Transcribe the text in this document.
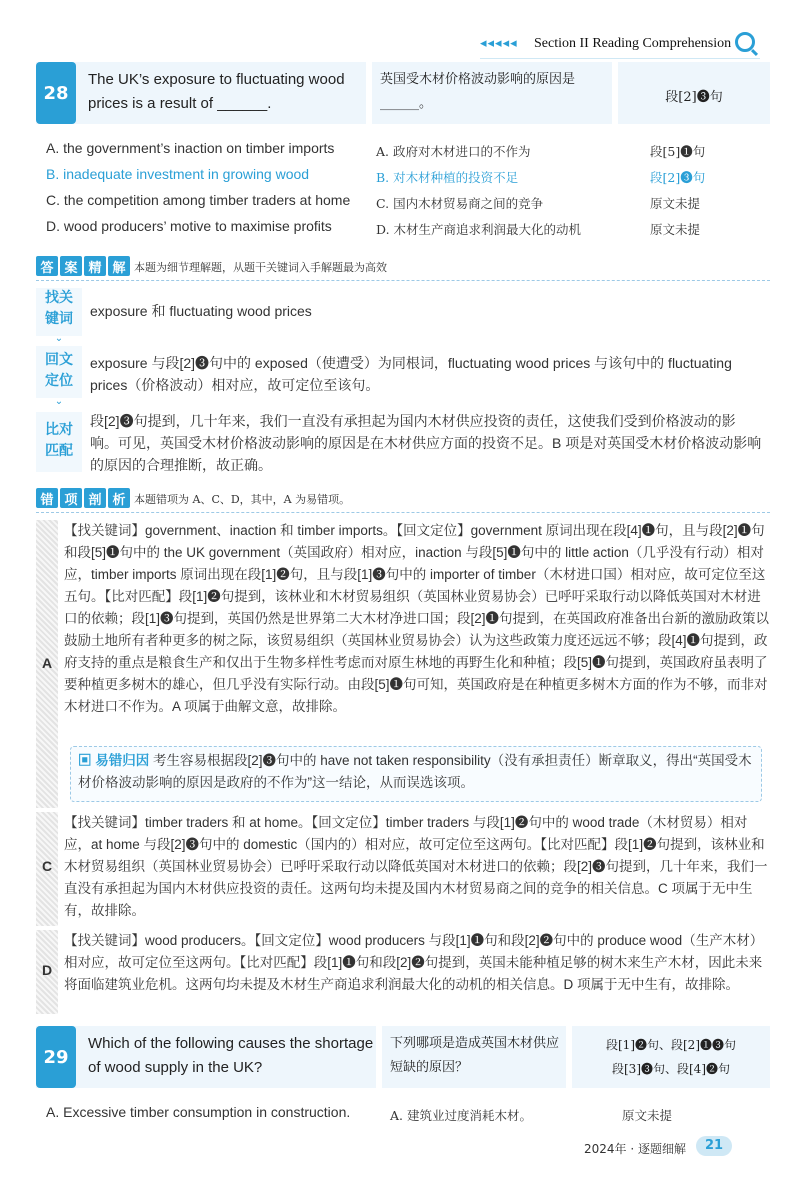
◂◂◂◂◂ Section II Reading Comprehension
28
The UK’s exposure to fluctuating wood prices is a result of ______.
英国受木材价格波动影响的原因是______。	段[2]❸句
A. the government’s inaction on timber imports	A. 政府对木材进口的不作为	段[5]❶句
B. inadequate investment in growing wood	B. 对木材种植的投资不足	段[2]❸句
C. the competition among timber traders at home C. 国内木材贸易商之间的竞争	原文未提
D. wood producers’ motive to maximise profits	D. 木材生产商追求利润最大化的动机	原文未提
答 案 精 解 本题为细节理解题，从题干关键词入手解题最为高效
找关键词
⌄
exposure 和 fluctuating wood prices
回文定位
⌄
exposure 与段[2]❸句中的 exposed（使遭受）为同根词，fluctuating wood prices 与该句中的 fluctuating prices（价格波动）相对应，故可定位至该句。
比对匹配
段[2]❸句提到，几十年来，我们一直没有承担起为国内木材供应投资的责任，这使我们受到价格波动的影响。可见，英国受木材价格波动影响的原因是在木材供应方面的投资不足。B 项是对英国受木材价格波动影响的原因的合理推断，故正确。
错 项 剖 析 本题错项为 A、C、D，其中，A 为易错项。
A
【找关键词】government、inaction 和 timber imports。【回文定位】government 原词出现在段[4]❶句，且与段[2]❶句和段[5]❶句中的 the UK government（英国政府）相对应，inaction 与段[5]❶句中的 little action（几乎没有行动）相对应，timber imports 原词出现在段[1]❷句，且与段[1]❸句中的 importer of timber（木材进口国）相对应，故可定位至这五句。【比对匹配】段[1]❷句提到，该林业和木材贸易组织（英国林业贸易协会）已呼吁采取行动以降低英国对木材进口的依赖；段[1]❸句提到，英国仍然是世界第二大木材净进口国；段[2]❶句提到，在英国政府准备出台新的激励政策以鼓励土地所有者种更多的树之际，该贸易组织（英国林业贸易协会）认为这些政策力度还远远不够；段[4]❶句提到，政府支持的重点是粮食生产和仅出于生物多样性考虑而对原生林地的再野生化和种植；段[5]❶句提到，英国政府虽表明了要种植更多树木的雄心，但几乎没有实际行动。由段[5]❶句可知，英国政府是在种植更多树木方面的作为不够，而非对木材进口不作为。A 项属于曲解文意，故排除。
▣ 易错归因 考生容易根据段[2]❸句中的 have not taken responsibility（没有承担责任）断章取义，得出“英国受木材价格波动影响的原因是政府的不作为”这一结论，从而误选该项。
C
【找关键词】timber traders 和 at home。【回文定位】timber traders 与段[1]❷句中的 wood trade（木材贸易）相对应，at home 与段[2]❸句中的 domestic（国内的）相对应，故可定位至这两句。【比对匹配】段[1]❷句提到，该林业和木材贸易组织（英国林业贸易协会）已呼吁采取行动以降低英国对木材进口的依赖；段[2]❸句提到，几十年来，我们一直没有承担起为国内木材供应投资的责任。这两句均未提及国内木材贸易商之间的竞争的相关信息。C 项属于无中生有，故排除。
D
【找关键词】wood producers。【回文定位】wood producers 与段[1]❶句和段[2]❷句中的 produce wood（生产木材）相对应，故可定位至这两句。【比对匹配】段[1]❶句和段[2]❷句提到，英国未能种植足够的树木来生产木材，因此未来将面临建筑业危机。这两句均未提及木材生产商追求利润最大化的动机的相关信息。D 项属于无中生有，故排除。
29
Which of the following causes the shortage of wood supply in the UK?
下列哪项是造成英国木材供应短缺的原因？
段[1]❷句、段[2]❶❸句
段[3]❸句、段[4]❷句
A. Excessive timber consumption in construction.	A. 建筑业过度消耗木材。	原文未提
2024年 · 逐题细解	21
